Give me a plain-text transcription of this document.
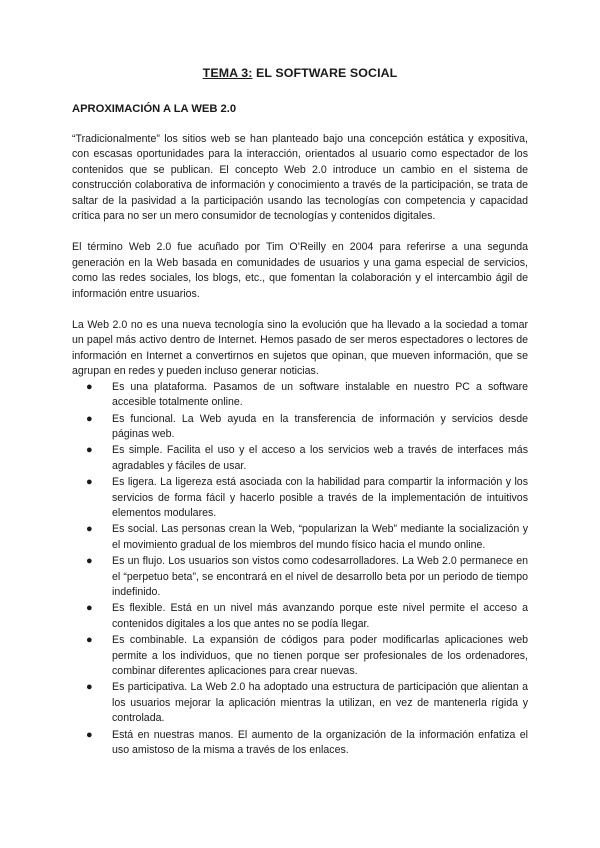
TEMA 3: EL SOFTWARE SOCIAL
APROXIMACIÓN A LA WEB 2.0

“Tradicionalmente” los sitios web se han planteado bajo una concepción estática y expositiva, con escasas oportunidades para la interacción, orientados al usuario como espectador de los contenidos que se publican. El concepto Web 2.0 introduce un cambio en el sistema de construcción colaborativa de información y conocimiento a través de la participación, se trata de saltar de la pasividad a la participación usando las tecnologías con competencia y capacidad crítica para no ser un mero consumidor de tecnologías y contenidos digitales.

El término Web 2.0 fue acuñado por Tim O’Reilly en 2004 para referirse a una segunda generación en la Web basada en comunidades de usuarios y una gama especial de servicios, como las redes sociales, los blogs, etc., que fomentan la colaboración y el intercambio ágil de información entre usuarios.

La Web 2.0 no es una nueva tecnología sino la evolución que ha llevado a la sociedad a tomar un papel más activo dentro de Internet. Hemos pasado de ser meros espectadores o lectores de información en Internet a convertirnos en sujetos que opinan, que mueven información, que se agrupan en redes y pueden incluso generar noticias.

● Es una plataforma. Pasamos de un software instalable en nuestro PC a software accesible totalmente online.
● Es funcional. La Web ayuda en la transferencia de información y servicios desde páginas web.
● Es simple. Facilita el uso y el acceso a los servicios web a través de interfaces más agradables y fáciles de usar.
● Es ligera. La ligereza está asociada con la habilidad para compartir la información y los servicios de forma fácil y hacerlo posible a través de la implementación de intuitivos elementos modulares.
● Es social. Las personas crean la Web, “popularizan la Web” mediante la socialización y el movimiento gradual de los miembros del mundo físico hacia el mundo online.
● Es un flujo. Los usuarios son vistos como codesarrolladores. La Web 2.0 permanece en el “perpetuo beta”, se encontrará en el nivel de desarrollo beta por un periodo de tiempo indefinido.
● Es flexible. Está en un nivel más avanzando porque este nivel permite el acceso a contenidos digitales a los que antes no se podía llegar.
● Es combinable. La expansión de códigos para poder modificarlas aplicaciones web permite a los individuos, que no tienen porque ser profesionales de los ordenadores, combinar diferentes aplicaciones para crear nuevas.
● Es participativa. La Web 2.0 ha adoptado una estructura de participación que alientan a los usuarios mejorar la aplicación mientras la utilizan, en vez de mantenerla rígida y controlada.
● Está en nuestras manos. El aumento de la organización de la información enfatiza el uso amistoso de la misma a través de los enlaces.
